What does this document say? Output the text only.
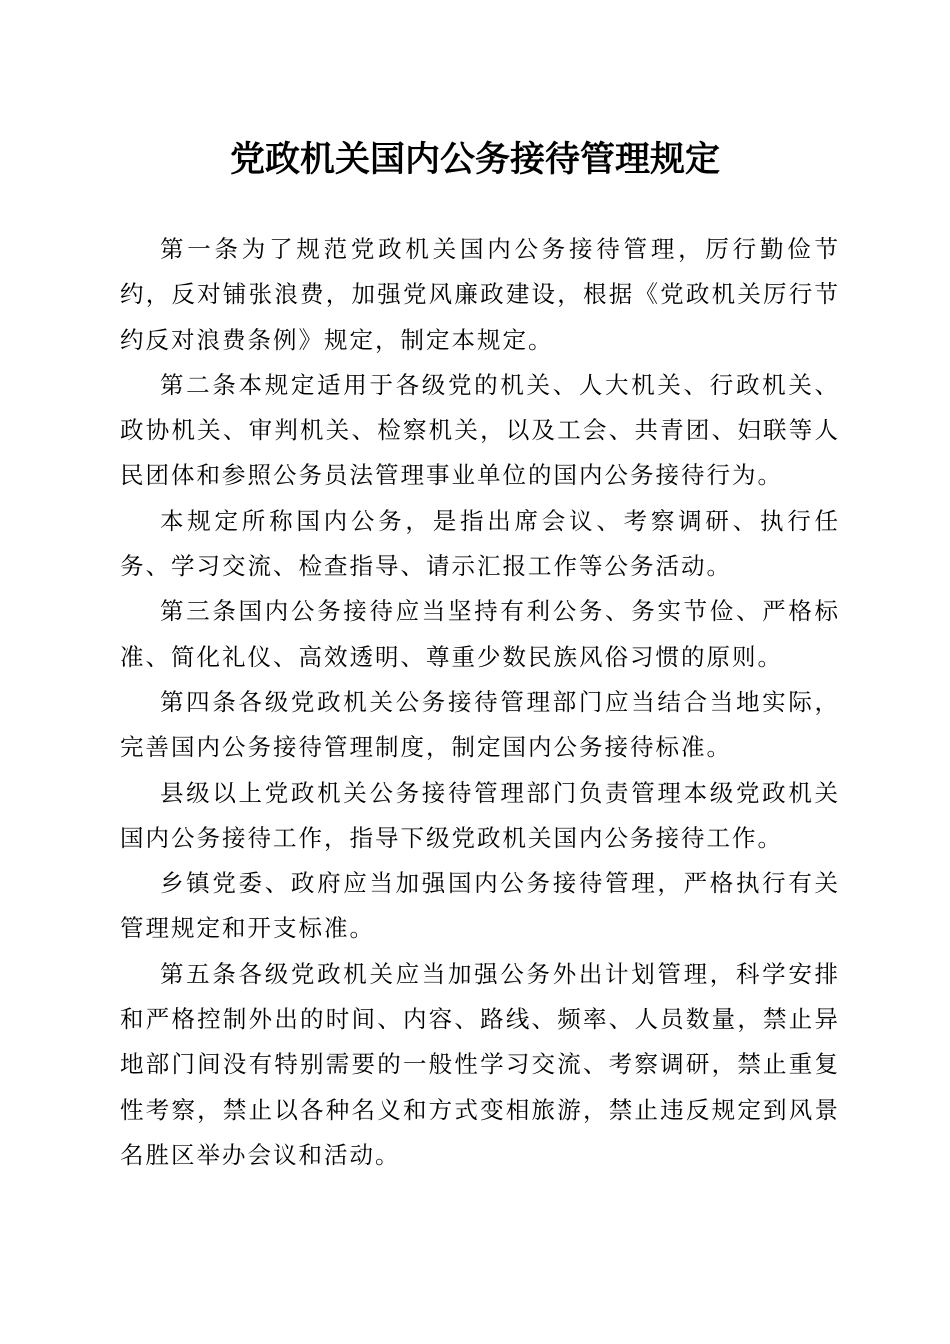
党政机关国内公务接待管理规定

第一条为了规范党政机关国内公务接待管理，厉行勤俭节约，反对铺张浪费，加强党风廉政建设，根据《党政机关厉行节约反对浪费条例》规定，制定本规定。

第二条本规定适用于各级党的机关、人大机关、行政机关、政协机关、审判机关、检察机关，以及工会、共青团、妇联等人民团体和参照公务员法管理事业单位的国内公务接待行为。

本规定所称国内公务，是指出席会议、考察调研、执行任务、学习交流、检查指导、请示汇报工作等公务活动。

第三条国内公务接待应当坚持有利公务、务实节俭、严格标准、简化礼仪、高效透明、尊重少数民族风俗习惯的原则。

第四条各级党政机关公务接待管理部门应当结合当地实际，完善国内公务接待管理制度，制定国内公务接待标准。

县级以上党政机关公务接待管理部门负责管理本级党政机关国内公务接待工作，指导下级党政机关国内公务接待工作。

乡镇党委、政府应当加强国内公务接待管理，严格执行有关管理规定和开支标准。

第五条各级党政机关应当加强公务外出计划管理，科学安排和严格控制外出的时间、内容、路线、频率、人员数量，禁止异地部门间没有特别需要的一般性学习交流、考察调研，禁止重复性考察，禁止以各种名义和方式变相旅游，禁止违反规定到风景名胜区举办会议和活动。
